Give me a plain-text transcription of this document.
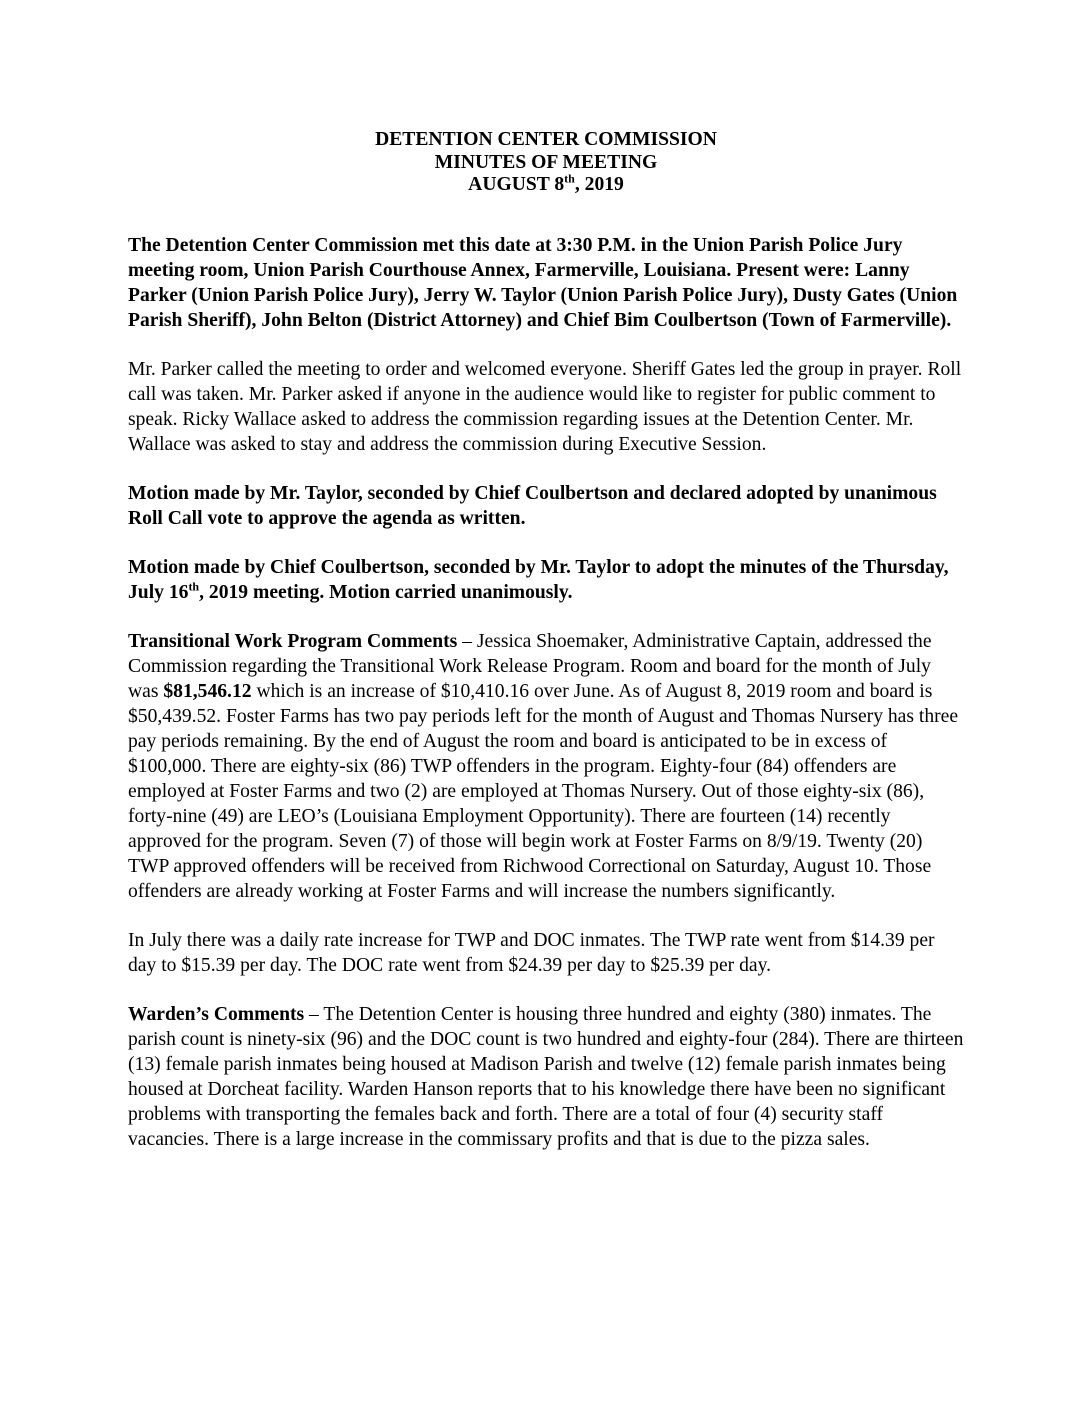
DETENTION CENTER COMMISSION
MINUTES OF MEETING
AUGUST 8th, 2019

The Detention Center Commission met this date at 3:30 P.M. in the Union Parish Police Jury meeting room, Union Parish Courthouse Annex, Farmerville, Louisiana. Present were: Lanny Parker (Union Parish Police Jury), Jerry W. Taylor (Union Parish Police Jury), Dusty Gates (Union Parish Sheriff), John Belton (District Attorney) and Chief Bim Coulbertson (Town of Farmerville).

Mr. Parker called the meeting to order and welcomed everyone. Sheriff Gates led the group in prayer. Roll call was taken. Mr. Parker asked if anyone in the audience would like to register for public comment to speak. Ricky Wallace asked to address the commission regarding issues at the Detention Center. Mr. Wallace was asked to stay and address the commission during Executive Session.

Motion made by Mr. Taylor, seconded by Chief Coulbertson and declared adopted by unanimous Roll Call vote to approve the agenda as written.

Motion made by Chief Coulbertson, seconded by Mr. Taylor to adopt the minutes of the Thursday, July 16th, 2019 meeting. Motion carried unanimously.

Transitional Work Program Comments – Jessica Shoemaker, Administrative Captain, addressed the Commission regarding the Transitional Work Release Program. Room and board for the month of July was $81,546.12 which is an increase of $10,410.16 over June. As of August 8, 2019 room and board is $50,439.52. Foster Farms has two pay periods left for the month of August and Thomas Nursery has three pay periods remaining. By the end of August the room and board is anticipated to be in excess of $100,000. There are eighty-six (86) TWP offenders in the program. Eighty-four (84) offenders are employed at Foster Farms and two (2) are employed at Thomas Nursery. Out of those eighty-six (86), forty-nine (49) are LEO’s (Louisiana Employment Opportunity). There are fourteen (14) recently approved for the program. Seven (7) of those will begin work at Foster Farms on 8/9/19. Twenty (20) TWP approved offenders will be received from Richwood Correctional on Saturday, August 10. Those offenders are already working at Foster Farms and will increase the numbers significantly.

In July there was a daily rate increase for TWP and DOC inmates. The TWP rate went from $14.39 per day to $15.39 per day. The DOC rate went from $24.39 per day to $25.39 per day.

Warden’s Comments – The Detention Center is housing three hundred and eighty (380) inmates. The parish count is ninety-six (96) and the DOC count is two hundred and eighty-four (284). There are thirteen (13) female parish inmates being housed at Madison Parish and twelve (12) female parish inmates being housed at Dorcheat facility. Warden Hanson reports that to his knowledge there have been no significant problems with transporting the females back and forth. There are a total of four (4) security staff vacancies. There is a large increase in the commissary profits and that is due to the pizza sales.
